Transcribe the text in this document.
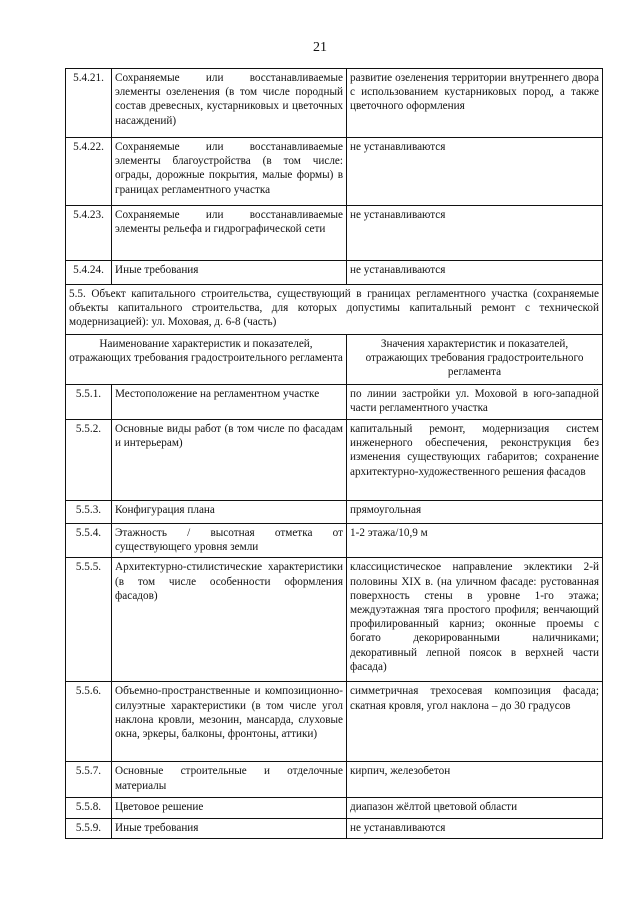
21
5.4.21.	Сохраняемые или восстанавливаемые элементы озеленения (в том числе породный состав древесных, кустарниковых и цветочных насаждений)	развитие озеленения территории внутреннего двора с использованием кустарниковых пород, а также цветочного оформления
5.4.22.	Сохраняемые или восстанавливаемые элементы благоустройства (в том числе: ограды, дорожные покрытия, малые формы) в границах регламентного участка	не устанавливаются
5.4.23.	Сохраняемые или восстанавливаемые элементы рельефа и гидрографической сети	не устанавливаются
5.4.24.	Иные требования	не устанавливаются
5.5. Объект капитального строительства, существующий в границах регламентного участка (сохраняемые объекты капитального строительства, для которых допустимы капитальный ремонт с технической модернизацией): ул. Моховая, д. 6-8 (часть)		
Наименование характеристик и показателей, отражающих требования градостроительного регламента		Значения характеристик и показателей, отражающих требования градостроительного регламента
5.5.1.	Местоположение на регламентном участке	по линии застройки ул. Моховой в юго-западной части регламентного участка
5.5.2.	Основные виды работ (в том числе по фасадам и интерьерам)	капитальный ремонт, модернизация систем инженерного обеспечения, реконструкция без изменения существующих габаритов; сохранение архитектурно-художественного решения фасадов
5.5.3.	Конфигурация плана	прямоугольная
5.5.4.	Этажность / высотная отметка от существующего уровня земли	1-2 этажа/10,9 м
5.5.5.	Архитектурно-стилистические характеристики (в том числе особенности оформления фасадов)	классицистическое направление эклектики 2-й половины XIX в. (на уличном фасаде: рустованная поверхность стены в уровне 1-го этажа; междуэтажная тяга простого профиля; венчающий профилированный карниз; оконные проемы с богато декорированными наличниками; декоративный лепной поясок в верхней части фасада)
5.5.6.	Объемно-пространственные и композиционно-силуэтные характеристики (в том числе угол наклона кровли, мезонин, мансарда, слуховые окна, эркеры, балконы, фронтоны, аттики)	симметричная трехосевая композиция фасада; скатная кровля, угол наклона – до 30 градусов
5.5.7.	Основные строительные и отделочные материалы	кирпич, железобетон
5.5.8.	Цветовое решение	диапазон жёлтой цветовой области
5.5.9.	Иные требования	не устанавливаются
